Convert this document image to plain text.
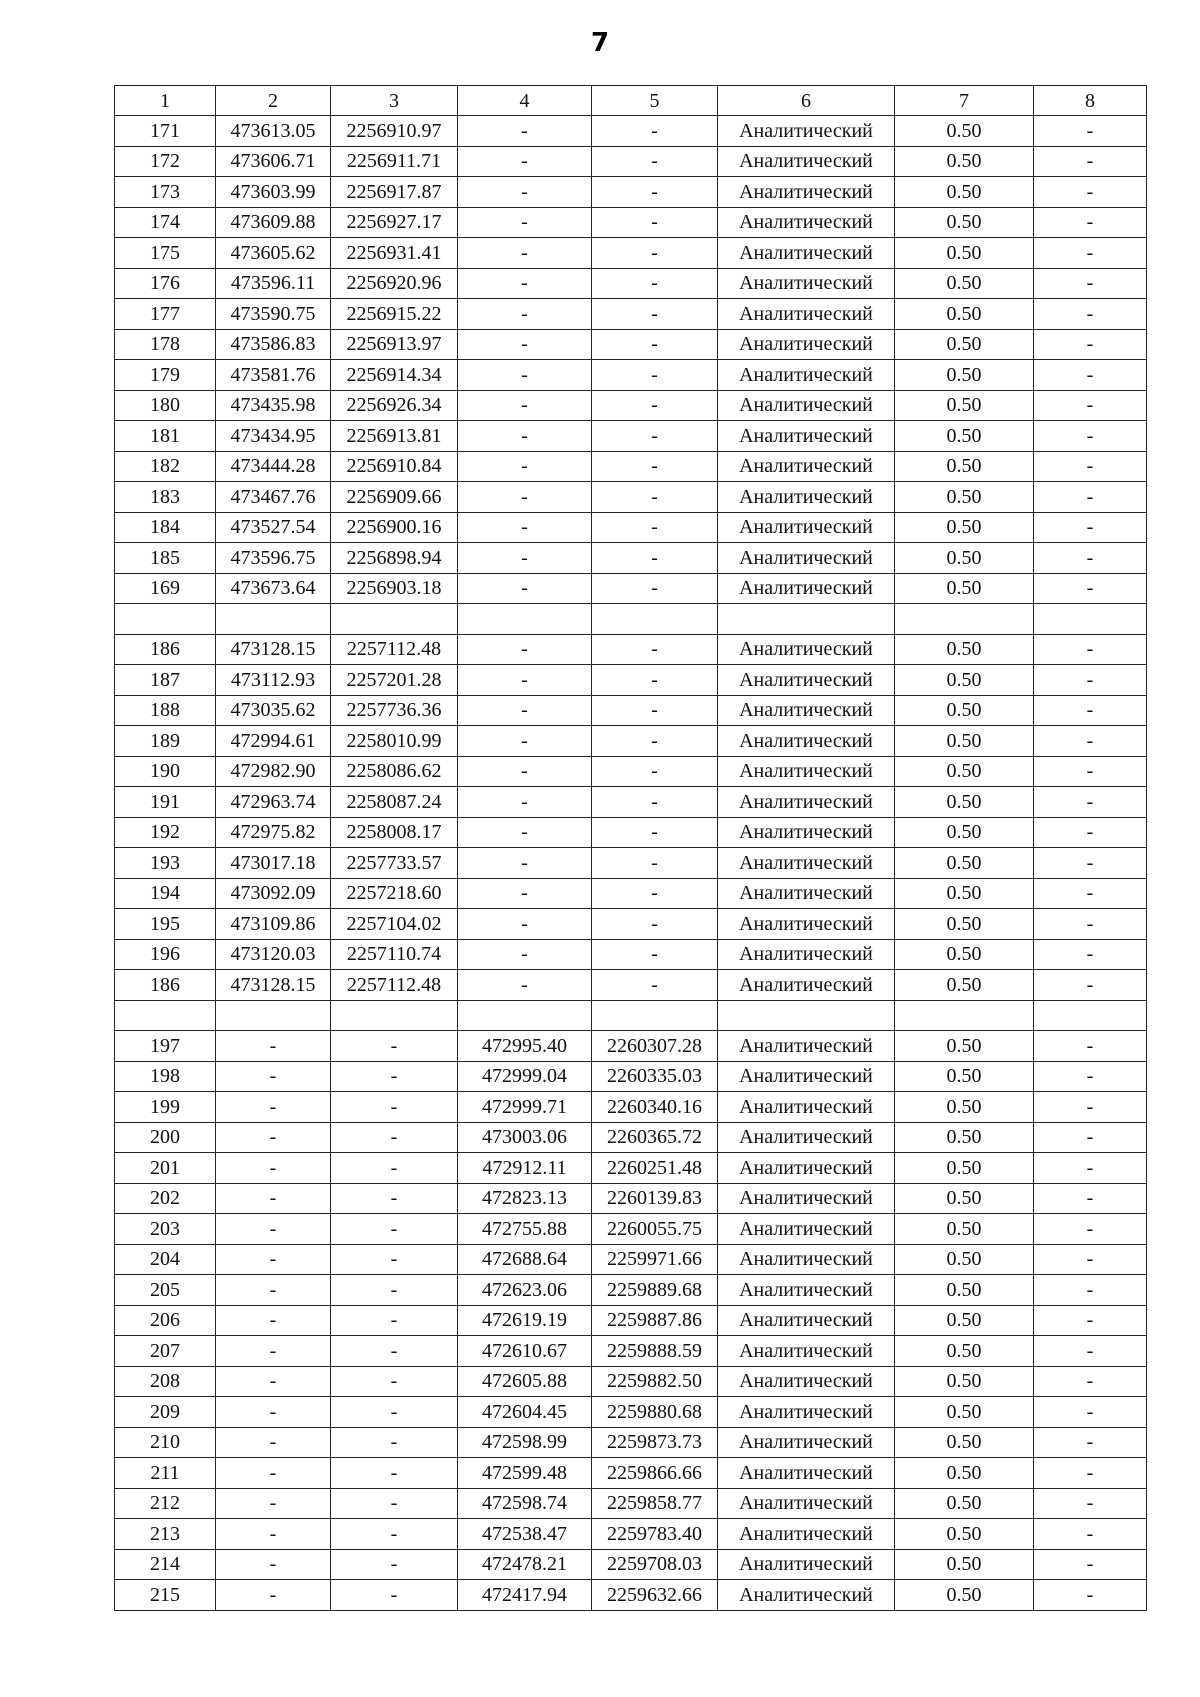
7
1	2	3	4	5	6	7	8
171	473613.05	2256910.97	-	-	Аналитический	0.50	-
172	473606.71	2256911.71	-	-	Аналитический	0.50	-
173	473603.99	2256917.87	-	-	Аналитический	0.50	-
174	473609.88	2256927.17	-	-	Аналитический	0.50	-
175	473605.62	2256931.41	-	-	Аналитический	0.50	-
176	473596.11	2256920.96	-	-	Аналитический	0.50	-
177	473590.75	2256915.22	-	-	Аналитический	0.50	-
178	473586.83	2256913.97	-	-	Аналитический	0.50	-
179	473581.76	2256914.34	-	-	Аналитический	0.50	-
180	473435.98	2256926.34	-	-	Аналитический	0.50	-
181	473434.95	2256913.81	-	-	Аналитический	0.50	-
182	473444.28	2256910.84	-	-	Аналитический	0.50	-
183	473467.76	2256909.66	-	-	Аналитический	0.50	-
184	473527.54	2256900.16	-	-	Аналитический	0.50	-
185	473596.75	2256898.94	-	-	Аналитический	0.50	-
169	473673.64	2256903.18	-	-	Аналитический	0.50	-

186	473128.15	2257112.48	-	-	Аналитический	0.50	-
187	473112.93	2257201.28	-	-	Аналитический	0.50	-
188	473035.62	2257736.36	-	-	Аналитический	0.50	-
189	472994.61	2258010.99	-	-	Аналитический	0.50	-
190	472982.90	2258086.62	-	-	Аналитический	0.50	-
191	472963.74	2258087.24	-	-	Аналитический	0.50	-
192	472975.82	2258008.17	-	-	Аналитический	0.50	-
193	473017.18	2257733.57	-	-	Аналитический	0.50	-
194	473092.09	2257218.60	-	-	Аналитический	0.50	-
195	473109.86	2257104.02	-	-	Аналитический	0.50	-
196	473120.03	2257110.74	-	-	Аналитический	0.50	-
186	473128.15	2257112.48	-	-	Аналитический	0.50	-

197	-	-	472995.40	2260307.28	Аналитический	0.50	-
198	-	-	472999.04	2260335.03	Аналитический	0.50	-
199	-	-	472999.71	2260340.16	Аналитический	0.50	-
200	-	-	473003.06	2260365.72	Аналитический	0.50	-
201	-	-	472912.11	2260251.48	Аналитический	0.50	-
202	-	-	472823.13	2260139.83	Аналитический	0.50	-
203	-	-	472755.88	2260055.75	Аналитический	0.50	-
204	-	-	472688.64	2259971.66	Аналитический	0.50	-
205	-	-	472623.06	2259889.68	Аналитический	0.50	-
206	-	-	472619.19	2259887.86	Аналитический	0.50	-
207	-	-	472610.67	2259888.59	Аналитический	0.50	-
208	-	-	472605.88	2259882.50	Аналитический	0.50	-
209	-	-	472604.45	2259880.68	Аналитический	0.50	-
210	-	-	472598.99	2259873.73	Аналитический	0.50	-
211	-	-	472599.48	2259866.66	Аналитический	0.50	-
212	-	-	472598.74	2259858.77	Аналитический	0.50	-
213	-	-	472538.47	2259783.40	Аналитический	0.50	-
214	-	-	472478.21	2259708.03	Аналитический	0.50	-
215	-	-	472417.94	2259632.66	Аналитический	0.50	-
